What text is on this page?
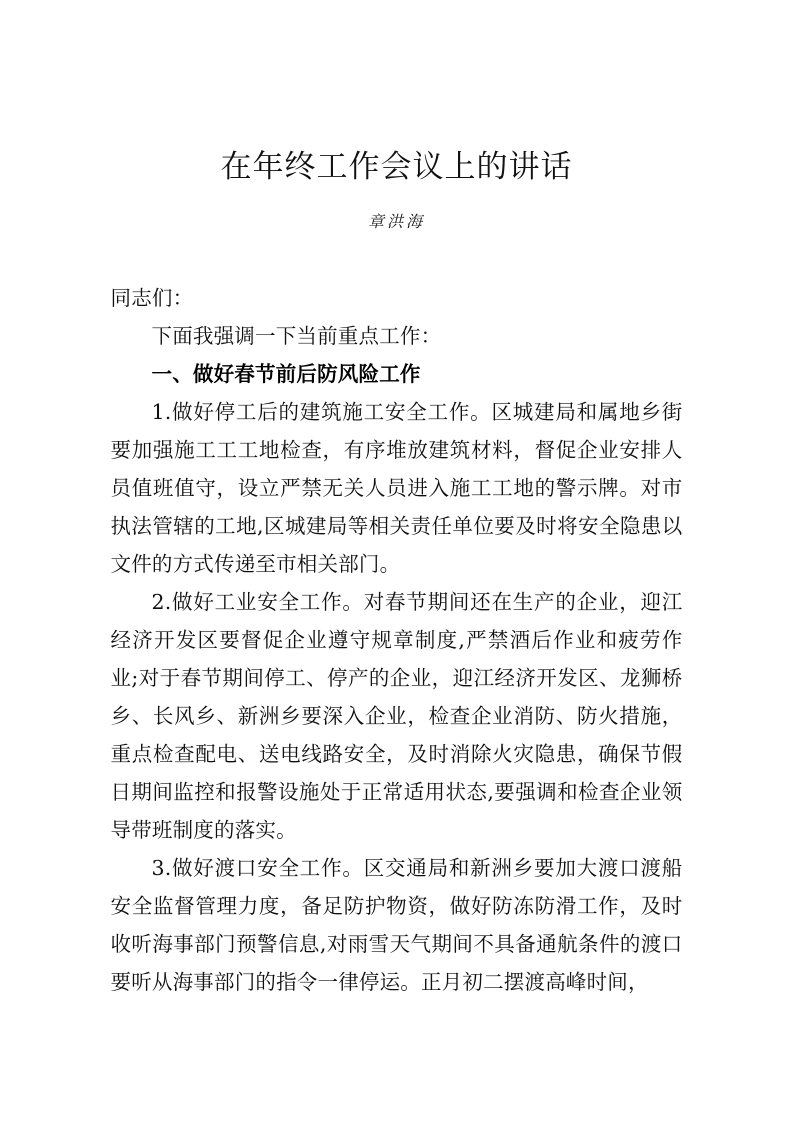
在年终工作会议上的讲话
章洪海

同志们：

下面我强调一下当前重点工作：

一、做好春节前后防风险工作

1.做好停工后的建筑施工安全工作。区城建局和属地乡街要加强施工工工地检查，有序堆放建筑材料，督促企业安排人员值班值守，设立严禁无关人员进入施工工地的警示牌。对市执法管辖的工地,区城建局等相关责任单位要及时将安全隐患以文件的方式传递至市相关部门。

2.做好工业安全工作。对春节期间还在生产的企业，迎江经济开发区要督促企业遵守规章制度,严禁酒后作业和疲劳作业;对于春节期间停工、停产的企业，迎江经济开发区、龙狮桥乡、长风乡、新洲乡要深入企业，检查企业消防、防火措施，重点检查配电、送电线路安全，及时消除火灾隐患，确保节假日期间监控和报警设施处于正常适用状态,要强调和检查企业领导带班制度的落实。

3.做好渡口安全工作。区交通局和新洲乡要加大渡口渡船安全监督管理力度，备足防护物资，做好防冻防滑工作，及时收听海事部门预警信息,对雨雪天气期间不具备通航条件的渡口要听从海事部门的指令一律停运。正月初二摆渡高峰时间，
